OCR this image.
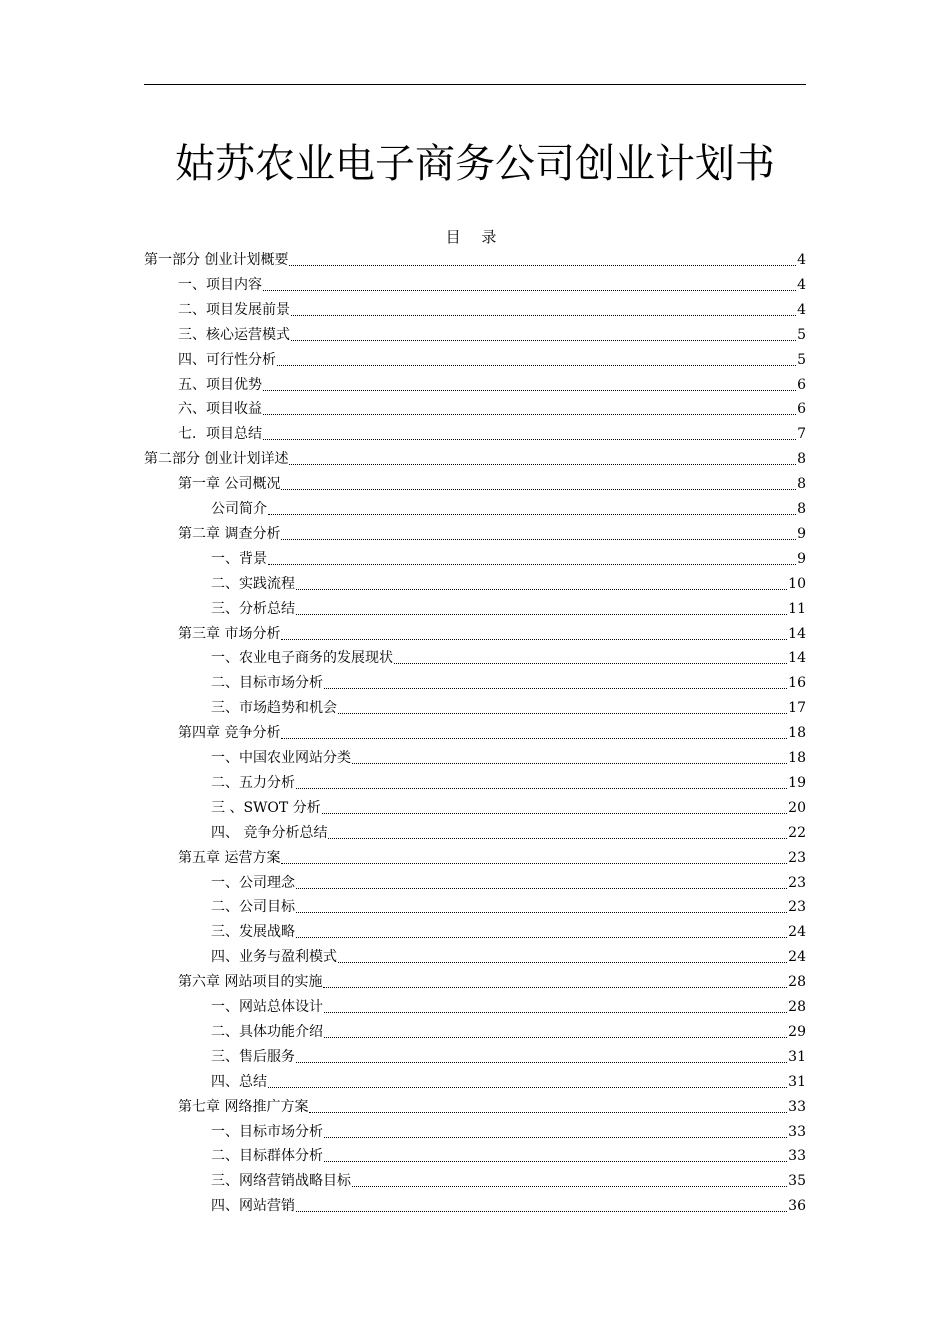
姑苏农业电子商务公司创业计划书
目 录
第一部分 创业计划概要	4
一、项目内容	4
二、项目发展前景	4
三、核心运营模式	5
四、可行性分析	5
五、项目优势	6
六、项目收益	6
七．项目总结	7
第二部分 创业计划详述	8
第一章 公司概况	8
公司简介	8
第二章 调查分析	9
一、背景	9
二、实践流程	10
三、分析总结	11
第三章 市场分析	14
一、农业电子商务的发展现状	14
二、目标市场分析	16
三、市场趋势和机会	17
第四章 竞争分析	18
一、中国农业网站分类	18
二、五力分析	19
三 、SWOT 分析	20
四、 竞争分析总结	22
第五章 运营方案	23
一、公司理念	23
二、公司目标	23
三、发展战略	24
四、业务与盈利模式	24
第六章 网站项目的实施	28
一、网站总体设计	28
二、具体功能介绍	29
三、售后服务	31
四、总结	31
第七章 网络推广方案	33
一、目标市场分析	33
二、目标群体分析	33
三、网络营销战略目标	35
四、网站营销	36
